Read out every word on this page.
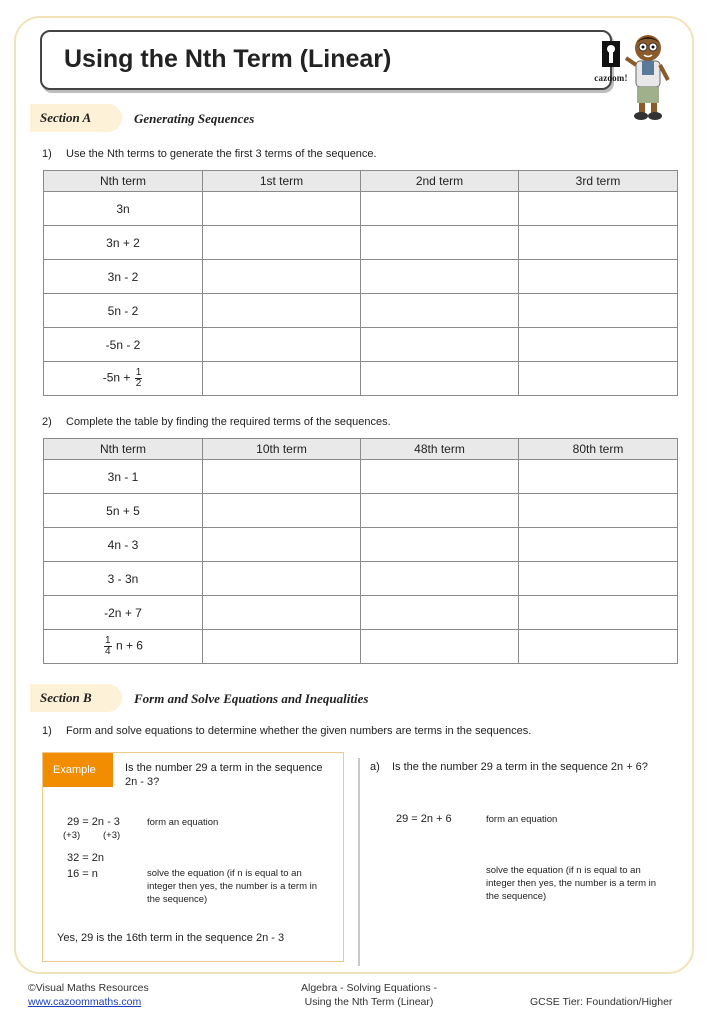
Using the Nth Term (Linear)
cazoom!
Section A	Generating Sequences
1) Use the Nth terms to generate the first 3 terms of the sequence.
Nth term	1st term	2nd term	3rd term
3n			
3n + 2			
3n - 2			
5n - 2			
-5n - 2			
$-5n + \frac{1}{2}$

2) Complete the table by finding the required terms of the sequences.
Nth term	10th term	48th term	80th term
3n - 1			
5n + 5			
4n - 3			
3 - 3n			
-2n + 7			

$\frac{1}{4}$ n + 6			
Section B	Form and Solve Equations and Inequalities
1) Form and solve equations to determine whether the given numbers are terms in the sequences.
Example	Is the number 29 a term in the sequence 2n - 3?
29 = 2n - 3
(+3) (+3)
form an equation
32 = 2n
16 = n	solve the equation (if n is equal to an integer then yes, the number is a term in the sequence)
Yes, 29 is the 16th term in the sequence 2n - 3
a) Is the the number 29 a term in the sequence 2n + 6?
29 = 2n + 6	form an equation
solve the equation (if n is equal to an integer then yes, the number is a term in the sequence)
©Visual Maths Resources
www.cazoommaths.com
Algebra - Solving Equations -
Using the Nth Term (Linear)	GCSE Tier: Foundation/Higher
